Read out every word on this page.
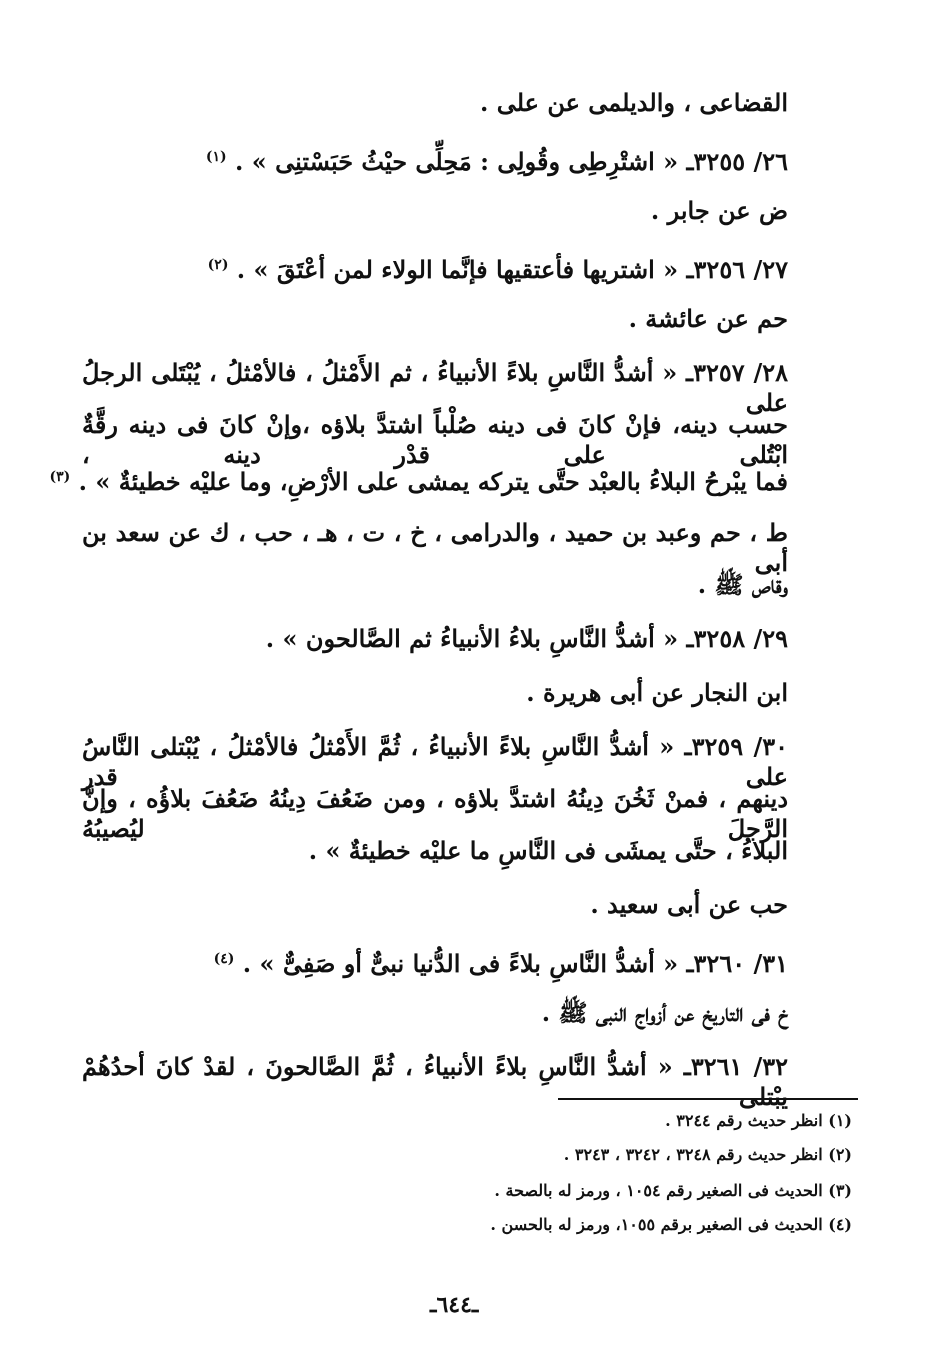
القضاعى ، والديلمى عن على .
٢٦/ ٣٢٥٥ـ « اشتْرِطِى وقُولِى : مَحِلِّى حيْثُ حَبَسْتنِى » . $^{(١)}$
ض عن جابر .
٢٧/ ٣٢٥٦ـ « اشتريها فأعتقيها فإنَّما الولاء لمن أعْتَقَ » . $^{(٢)}$
حم عن عائشة .
٢٨/ ٣٢٥٧ـ « أشدُّ النَّاسِ بلاءً الأنبياءُ ، ثم الأَمْثلُ ، فالأمْثلُ ، يُبْتَلى الرجلُ على
حسب دينه، فإنْ كانَ فى دينه صُلْباً اشتدَّ بلاؤه ،وإنْ كانَ فى دينه رقَّةٌ ابْتُلى على قدْر دينه ،
فما يبْرحُ البلاءُ بالعبْد حتَّى يتركه يمشى على الأرْضِ، وما عليْه خطيئةٌ » . $^{(٣)}$
ط ، حم وعبد بن حميد ، والدرامى ، خ ، ت ، هـ ، حب ، ك عن سعد بن أبى
وقاص ﷺ .
٢٩/ ٣٢٥٨ـ « أشدُّ النَّاسِ بلاءُ الأنبياءُ ثم الصَّالحون » .
ابن النجار عن أبى هريرة .
٣٠/ ٣٢٥٩ـ « أشدُّ النَّاسِ بلاءً الأنبياءُ ، ثُمَّ الأَمْثلُ فالأمْثلُ ، يُبْتلى النَّاسُ على قدر
دينهم ، فمنْ ثَخُنَ دِينُهُ اشتدَّ بلاؤه ، ومن ضَعُفَ دِينُهُ ضَعُفَ بلاؤُه ، وإنَّ الرَّجلَ ليُصيبُهُ
البلاءُ ، حتَّى يمشَى فى النَّاسِ ما عليْه خطيئةٌ » .
حب عن أبى سعيد .
٣١/ ٣٢٦٠ـ « أشدُّ النَّاسِ بلاءً فى الدُّنيا نبىٌّ أو صَفِىٌّ » . $^{(٤)}$
خ فى التاريخ عن أزواج النبى ﷺ .
٣٢/ ٣٢٦١ـ « أشدُّ النَّاسِ بلاءً الأنبياءُ ، ثُمَّ الصَّالحونَ ، لقدْ كانَ أحدُهُمْ يبْتلى
(١) انظر حديث رقم ٣٢٤٤ .
(٢) انظر حديث رقم ٣٢٤٨ ، ٣٢٤٢ ، ٣٢٤٣ .
(٣) الحديث فى الصغير رقم ١٠٥٤ ، ورمز له بالصحة .
(٤) الحديث فى الصغير برقم ١٠٥٥، ورمز له بالحسن .
ـ٦٤٤ـ
